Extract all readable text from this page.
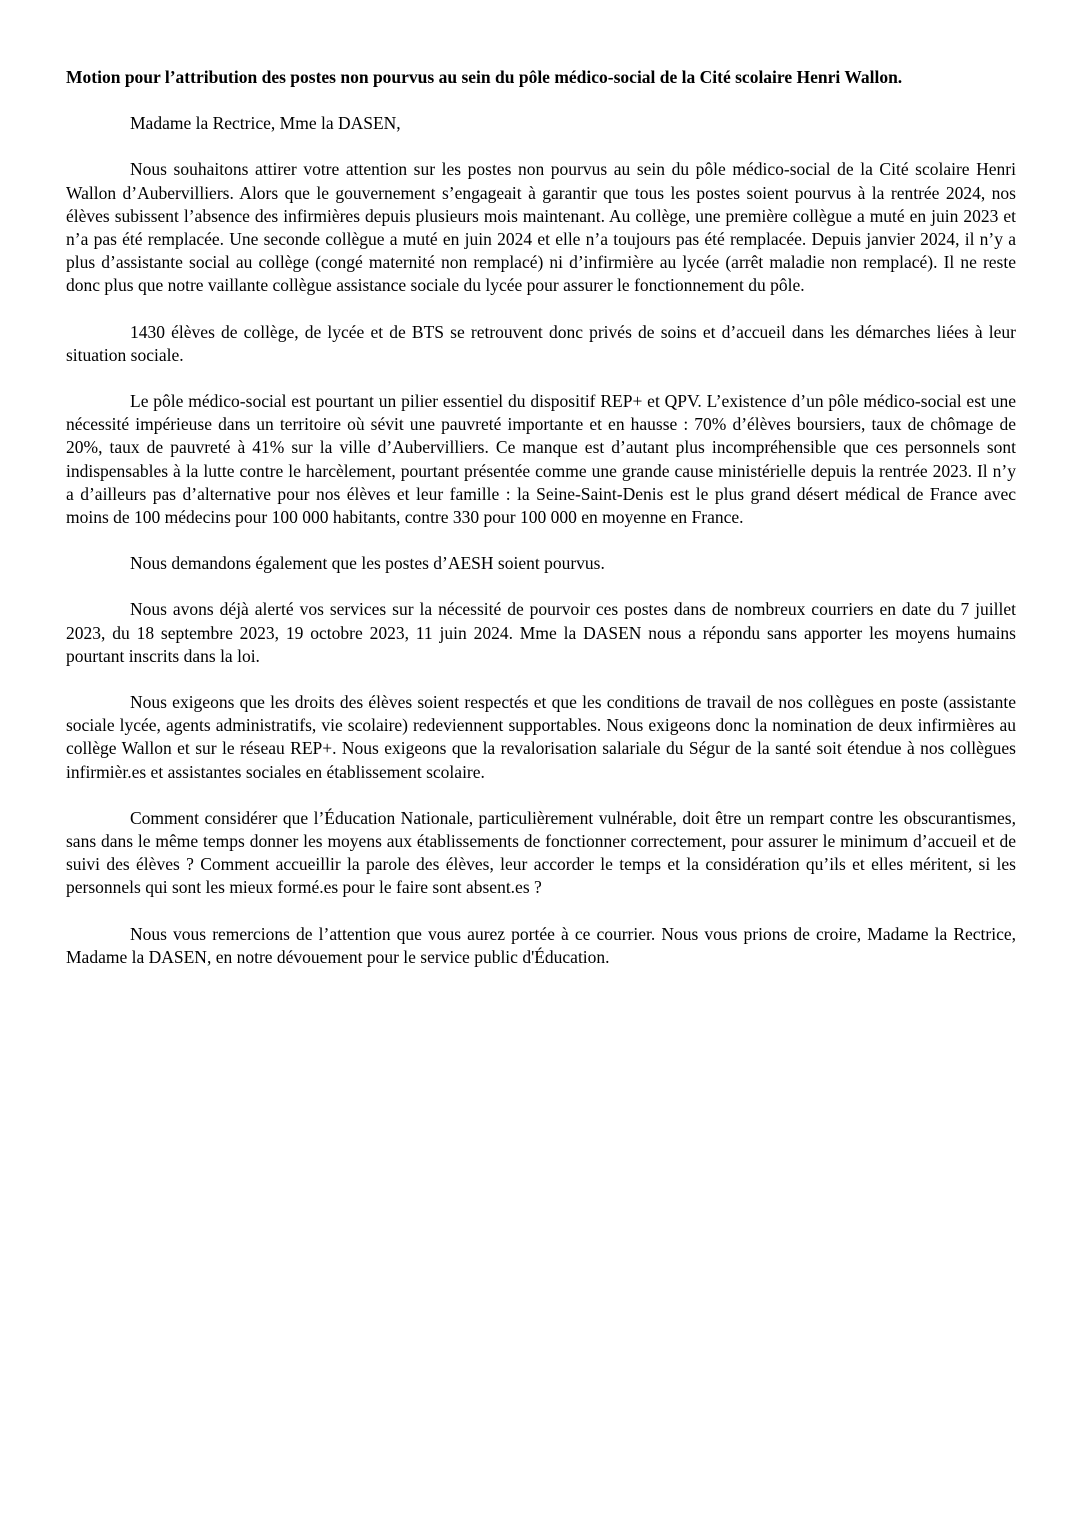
Motion pour l’attribution des postes non pourvus au sein du pôle médico-social de la Cité scolaire Henri Wallon.

Madame la Rectrice, Mme la DASEN,

Nous souhaitons attirer votre attention sur les postes non pourvus au sein du pôle médico-social de la Cité scolaire Henri Wallon d’Aubervilliers. Alors que le gouvernement s’engageait à garantir que tous les postes soient pourvus à la rentrée 2024, nos élèves subissent l’absence des infirmières depuis plusieurs mois maintenant. Au collège, une première collègue a muté en juin 2023 et n’a pas été remplacée. Une seconde collègue a muté en juin 2024 et elle n’a toujours pas été remplacée. Depuis janvier 2024, il n’y a plus d’assistante social au collège (congé maternité non remplacé) ni d’infirmière au lycée (arrêt maladie non remplacé). Il ne reste donc plus que notre vaillante collègue assistance sociale du lycée pour assurer le fonctionnement du pôle.

1430 élèves de collège, de lycée et de BTS se retrouvent donc privés de soins et d’accueil dans les démarches liées à leur situation sociale.

Le pôle médico-social est pourtant un pilier essentiel du dispositif REP+ et QPV. L’existence d’un pôle médico-social est une nécessité impérieuse dans un territoire où sévit une pauvreté importante et en hausse : 70% d’élèves boursiers, taux de chômage de 20%, taux de pauvreté à 41% sur la ville d’Aubervilliers. Ce manque est d’autant plus incompréhensible que ces personnels sont indispensables à la lutte contre le harcèlement, pourtant présentée comme une grande cause ministérielle depuis la rentrée 2023. Il n’y a d’ailleurs pas d’alternative pour nos élèves et leur famille : la Seine-Saint-Denis est le plus grand désert médical de France avec moins de 100 médecins pour 100 000 habitants, contre 330 pour 100 000 en moyenne en France.

Nous demandons également que les postes d’AESH soient pourvus.

Nous avons déjà alerté vos services sur la nécessité de pourvoir ces postes dans de nombreux courriers en date du 7 juillet 2023, du 18 septembre 2023, 19 octobre 2023, 11 juin 2024. Mme la DASEN nous a répondu sans apporter les moyens humains pourtant inscrits dans la loi.

Nous exigeons que les droits des élèves soient respectés et que les conditions de travail de nos collègues en poste (assistante sociale lycée, agents administratifs, vie scolaire) redeviennent supportables. Nous exigeons donc la nomination de deux infirmières au collège Wallon et sur le réseau REP+. Nous exigeons que la revalorisation salariale du Ségur de la santé soit étendue à nos collègues infirmièr.es et assistantes sociales en établissement scolaire.

Comment considérer que l’Éducation Nationale, particulièrement vulnérable, doit être un rempart contre les obscurantismes, sans dans le même temps donner les moyens aux établissements de fonctionner correctement, pour assurer le minimum d’accueil et de suivi des élèves ? Comment accueillir la parole des élèves, leur accorder le temps et la considération qu’ils et elles méritent, si les personnels qui sont les mieux formé.es pour le faire sont absent.es ?

Nous vous remercions de l’attention que vous aurez portée à ce courrier. Nous vous prions de croire, Madame la Rectrice, Madame la DASEN, en notre dévouement pour le service public d'Éducation.
